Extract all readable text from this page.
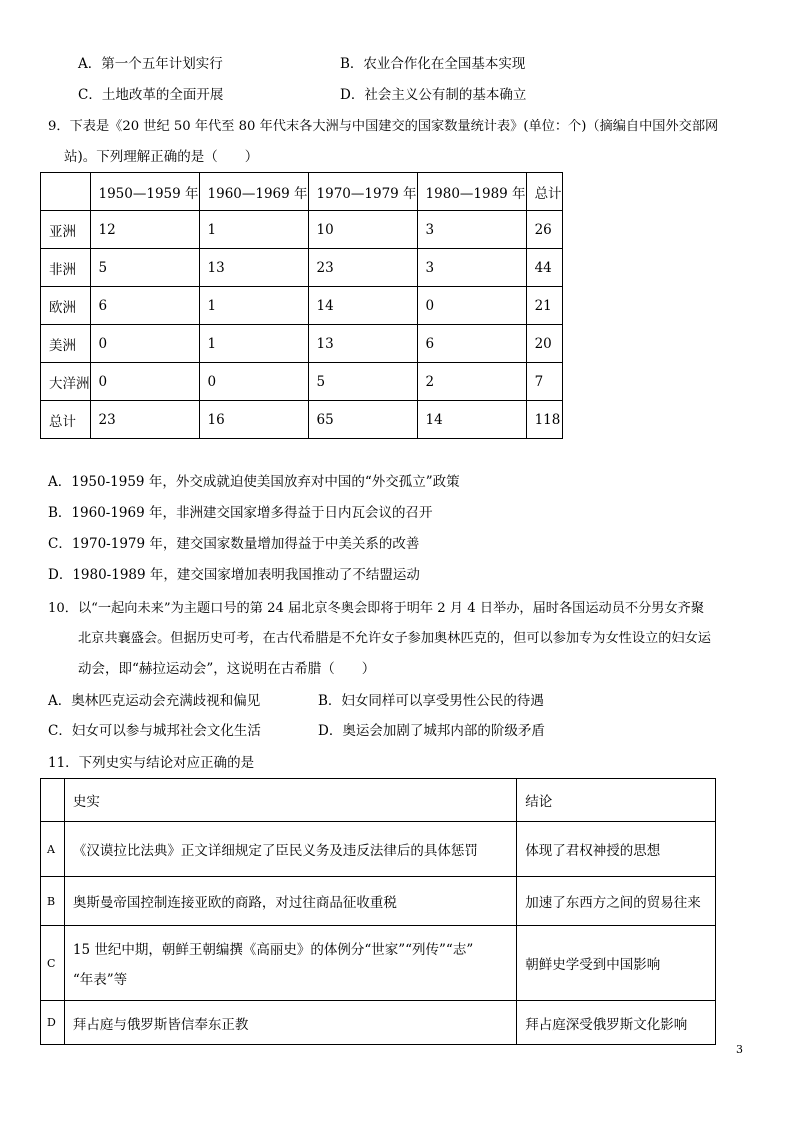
A．第一个五年计划实行	B．农业合作化在全国基本实现
C．土地改革的全面开展	D．社会主义公有制的基本确立
9．下表是《20 世纪 50 年代至 80 年代末各大洲与中国建交的国家数量统计表》(单位：个)（摘编自中国外交部网
站)。下列理解正确的是（　　）
	1950—1959 年	1960—1969 年	1970—1979 年	1980—1989 年	总计
亚洲	12	1	10	3	26
非洲	5	13	23	3	44
欧洲	6	1	14	0	21
美洲	0	1	13	6	20
大洋洲	0	0	5	2	7
总计	23	16	65	14	118
A．1950-1959 年，外交成就迫使美国放弃对中国的“外交孤立”政策
B．1960-1969 年，非洲建交国家增多得益于日内瓦会议的召开
C．1970-1979 年，建交国家数量增加得益于中美关系的改善
D．1980-1989 年，建交国家增加表明我国推动了不结盟运动
10．以“一起向未来”为主题口号的第 24 届北京冬奥会即将于明年 2 月 4 日举办，届时各国运动员不分男女齐聚
北京共襄盛会。但据历史可考，在古代希腊是不允许女子参加奥林匹克的，但可以参加专为女性设立的妇女运
动会，即“赫拉运动会”，这说明在古希腊（　　）
A．奥林匹克运动会充满歧视和偏见	B．妇女同样可以享受男性公民的待遇
C．妇女可以参与城邦社会文化生活	D．奥运会加剧了城邦内部的阶级矛盾
11．下列史实与结论对应正确的是
	史实	结论
A	《汉谟拉比法典》正文详细规定了臣民义务及违反法律后的具体惩罚	体现了君权神授的思想
B	奥斯曼帝国控制连接亚欧的商路，对过往商品征收重税	加速了东西方之间的贸易往来
C	15 世纪中期，朝鲜王朝编撰《高丽史》的体例分“世家”“列传”“志”
“年表”等	朝鲜史学受到中国影响
D	拜占庭与俄罗斯皆信奉东正教	拜占庭深受俄罗斯文化影响
3
